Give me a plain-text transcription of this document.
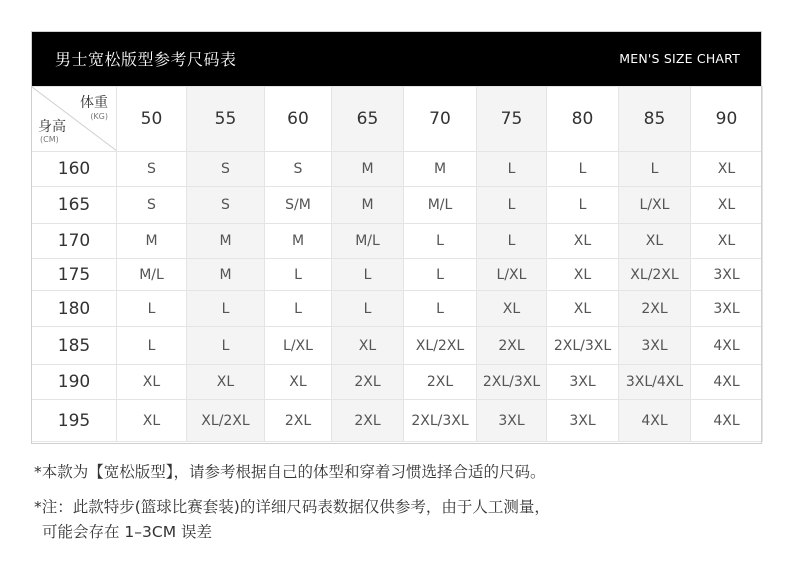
男士宽松版型参考尺码表	MEN'S SIZE CHART
体重
(KG)
身高
(CM)	50	55	60	65	70	75	80	85	90
160	S	S	S	M	M	L	L	L	XL
165	S	S	S/M	M	M/L	L	L	L/XL	XL
170	M	M	M	M/L	L	L	XL	XL	XL
175	M/L	M	L	L	L	L/XL	XL	XL/2XL	3XL
180	L	L	L	L	L	XL	XL	2XL	3XL
185	L	L	L/XL	XL	XL/2XL	2XL	2XL/3XL	3XL	4XL
190	XL	XL	XL	2XL	2XL	2XL/3XL	3XL	3XL/4XL	4XL
195	XL	XL/2XL	2XL	2XL	2XL/3XL	3XL	3XL	4XL	4XL

*本款为【宽松版型】，请参考根据自己的体型和穿着习惯选择合适的尺码。

*注：此款特步(篮球比赛套装)的详细尺码表数据仅供参考，由于人工测量，
可能会存在 1–3CM 误差
